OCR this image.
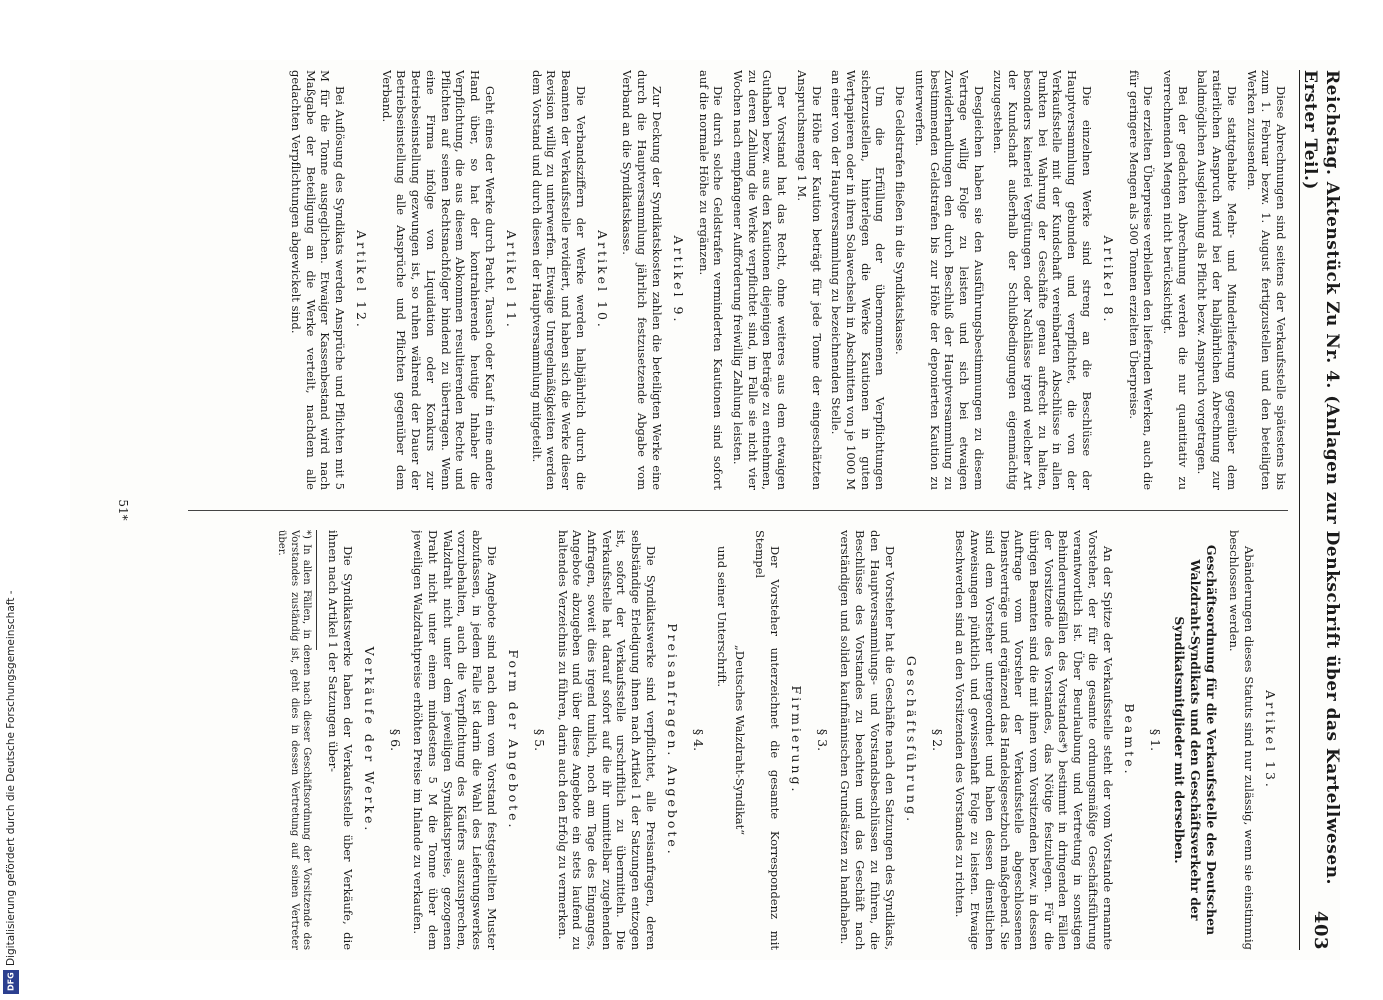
Digitalisierung gefördert durch die Deutsche Forschungsgemeinschaft -
DFG
Reichstag. Aktenstück Zu Nr. 4. (Anlagen zur Denkschrift über das Kartellwesen. Erster Teil.)
403

Diese Abrechnungen sind seitens der Verkaufsstelle spätestens bis zum 1. Februar bezw. 1. August fertigzustellen und den beteiligten Werken zuzusenden.

Die stattgehabte Mehr- und Minderlieferung gegenüber dem ratierlichen Anspruch wird bei der halbjährlichen Abrechnung zur baldmöglichen Ausgleichung als Pflicht bezw. Anspruch vorgetragen.

Bei der gedachten Abrechnung werden die nur quantitativ zu verrechnenden Mengen nicht berücksichtigt.

Die erzielten Überpreise verbleiben den liefernden Werken, auch die für geringere Mengen als 300 Tonnen erzielten Überpreise.

Artikel 8.

Die einzelnen Werke sind streng an die Beschlüsse der Hauptversammlung gebunden und verpflichtet, die von der Verkaufsstelle mit der Kundschaft vereinbarten Abschlüsse in allen Punkten bei Wahrung der Geschäfte genau aufrecht zu halten, besonders keinerlei Vergütungen oder Nachlässe irgend welcher Art der Kundschaft außerhalb der Schlußbedingungen eigenmächtig zuzugestehen.

Desgleichen haben sie den Ausführungsbestimmungen zu diesem Vertrage willig Folge zu leisten und sich bei etwaigen Zuwiderhandlungen den durch Beschluß der Hauptversammlung zu bestimmenden Geldstrafen bis zur Höhe der deponierten Kaution zu unterwerfen.

Die Geldstrafen fließen in die Syndikatskasse.

Um die Erfüllung der übernommenen Verpflichtungen sicherzustellen, hinterlegen die Werke Kautionen in guten Wertpapieren oder in ihren Solawechseln in Abschnitten von je 1000 M an einer von der Hauptversammlung zu bezeichnenden Stelle.

Die Höhe der Kaution beträgt für jede Tonne der eingeschätzten Anspruchsmenge 1 M.

Der Vorstand hat das Recht, ohne weiteres aus dem etwaigen Guthaben bezw. aus den Kautionen diejenigen Beträge zu entnehmen, zu deren Zahlung die Werke verpflichtet sind, im Falle sie nicht vier Wochen nach empfangener Aufforderung freiwillig Zahlung leisten.

Die durch solche Geldstrafen verminderten Kautionen sind sofort auf die normale Höhe zu ergänzen.

Artikel 9.

Zur Deckung der Syndikatskosten zahlen die beteiligten Werke eine durch die Hauptversammlung jährlich festzusetzende Abgabe vom Verband an die Syndikatskasse.

Artikel 10.

Die Verbandsziffern der Werke werden halbjährlich durch die Beamten der Verkaufsstelle revidiert, und haben sich die Werke dieser Revision willig zu unterwerfen. Etwaige Unregelmäßigkeiten werden dem Vorstand und durch diesen der Hauptversammlung mitgeteilt.

Artikel 11.

Geht eines der Werke durch Pacht, Tausch oder Kauf in eine andere Hand über, so hat der kontrahierende heutige Inhaber die Verpflichtung, die aus diesem Abkommen resultierenden Rechte und Pflichten auf seinen Rechtsnachfolger bindend zu übertragen. Wenn eine Firma infolge von Liquidation oder Konkurs zur Betriebseinstellung gezwungen ist, so ruhen während der Dauer der Betriebseinstellung alle Ansprüche und Pflichten gegenüber dem Verband.

Artikel 12.

Bei Auflösung des Syndikats werden Ansprüche und Pflichten mit 5 M für die Tonne ausgeglichen. Etwaiger Kassenbestand wird nach Maßgabe der Beteiligung an die Werke verteilt, nachdem alle gedachten Verpflichtungen abgewickelt sind.

Artikel 13.

Abänderungen dieses Statuts sind nur zulässig, wenn sie einstimmig beschlossen werden.

Geschäftsordnung für die Verkaufsstelle des Deutschen Walzdraht-Syndikats und den Geschäftsverkehr der Syndikatsmitglieder mit derselben.
§ 1.
Beamte.

An der Spitze der Verkaufsstelle steht der vom Vorstande ernannte Vorsteher, der für die gesamte ordnungsmäßige Geschäftsführung verantwortlich ist. Über Beurlaubung und Vertretung in sonstigen Behinderungsfällen des Vorstandes*) bestimmt in dringenden Fällen der Vorsitzende des Vorstandes, das Nötige festzulegen. Für die übrigen Beamten sind die mit ihnen vom Vorsitzenden bezw. in dessen Auftrage vom Vorsteher der Verkaufsstelle abgeschlossenen Dienstverträge und ergänzend das Handelsgesetzbuch maßgebend. Sie sind dem Vorsteher untergeordnet und haben dessen dienstlichen Anweisungen pünktlich und gewissenhaft Folge zu leisten. Etwaige Beschwerden sind an den Vorsitzenden des Vorstandes zu richten.

§ 2.
Geschäftsführung.

Der Vorsteher hat die Geschäfte nach den Satzungen des Syndikats, den Hauptversammlungs- und Vorstandsbeschlüssen zu führen, die Beschlüsse des Vorstandes zu beachten und das Geschäft nach verständigen und soliden kaufmännischen Grundsätzen zu handhaben.

§ 3.
Firmierung.

Der Vorsteher unterzeichnet die gesamte Korrespondenz mit Stempel

„Deutsches Walzdraht-Syndikat“

und seiner Unterschrift.

§ 4.
Preisanfragen. Angebote.

Die Syndikatswerke sind verpflichtet, alle Preisanfragen, deren selbständige Erledigung ihnen nach Artikel 1 der Satzungen entzogen ist, sofort der Verkaufsstelle urschriftlich zu übermitteln. Die Verkaufsstelle hat darauf sofort auf die ihr unmittelbar zugehenden Anfragen, soweit dies irgend tunlich, noch am Tage des Einganges, Angebote abzugeben und über diese Angebote ein stets laufend zu haltendes Verzeichnis zu führen, darin auch den Erfolg zu vermerken.

§ 5.
Form der Angebote.

Die Angebote sind nach dem vom Vorstand festgestellten Muster abzufassen, in jedem Falle ist darin die Wahl des Lieferungswerkes vorzubehalten, auch die Verpflichtung des Käufers auszusprechen, Walzdraht nicht unter dem jeweiligen Syndikatspreise, gezogenen Draht nicht unter einem mindestens 5 M die Tonne über dem jeweiligen Walzdrahtpreise erhöhten Preise im Inlande zu verkaufen.

§ 6.
Verkäufe der Werke.

Die Syndikatswerke haben der Verkaufsstelle über Verkäufe, die ihnen nach Artikel 1 der Satzungen über-

*) In allen Fällen, in denen nach dieser Geschäftsordnung der Vorsitzende des Vorstandes zuständig ist, geht dies in dessen Vertretung auf seinen Vertreter über.

51*
